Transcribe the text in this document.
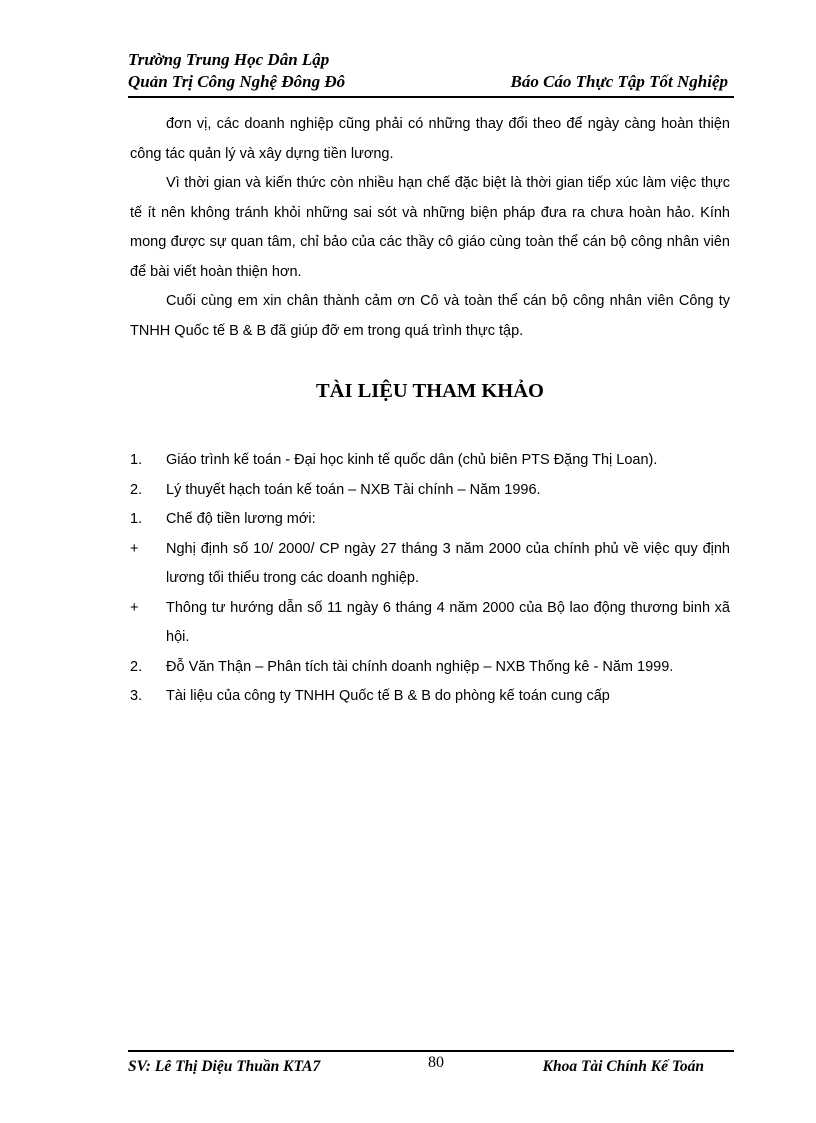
Trường Trung Học Dân Lập
Quản Trị Công Nghệ Đông Đô	Báo Cáo Thực Tập Tốt Nghiệp

đơn vị, các doanh nghiệp cũng phải có những thay đổi theo để ngày càng hoàn thiện công tác quản lý và xây dựng tiền lương.

Vì thời gian và kiến thức còn nhiều hạn chế đặc biệt là thời gian tiếp xúc làm việc thực tế ít nên không tránh khỏi những sai sót và những biện pháp đưa ra chưa hoàn hảo. Kính mong được sự quan tâm, chỉ bảo của các thầy cô giáo cùng toàn thể cán bộ công nhân viên để bài viết hoàn thiện hơn.

Cuối cùng em xin chân thành cảm ơn Cô và toàn thể cán bộ công nhân viên Công ty TNHH Quốc tế B & B đã giúp đỡ em trong quá trình thực tập.

TÀI LIỆU THAM KHẢO
1.	Giáo trình kế toán - Đại học kinh tế quốc dân (chủ biên PTS Đặng Thị Loan).
2.	Lý thuyết hạch toán kế toán – NXB Tài chính – Năm 1996.
1.	Chế độ tiền lương mới:
+	Nghị định số 10/ 2000/ CP ngày 27 tháng 3 năm 2000 của chính phủ về việc quy định lương tối thiểu trong các doanh nghiệp.
+	Thông tư hướng dẫn số 11 ngày 6 tháng 4 năm 2000 của Bộ lao động thương binh xã hội.
2.	Đỗ Văn Thận – Phân tích tài chính doanh nghiệp – NXB Thống kê - Năm 1999.
3.	Tài liệu của công ty TNHH Quốc tế B & B do phòng kế toán cung cấp
SV: Lê Thị Diệu Thuần KTA7	80	Khoa Tài Chính Kế Toán
